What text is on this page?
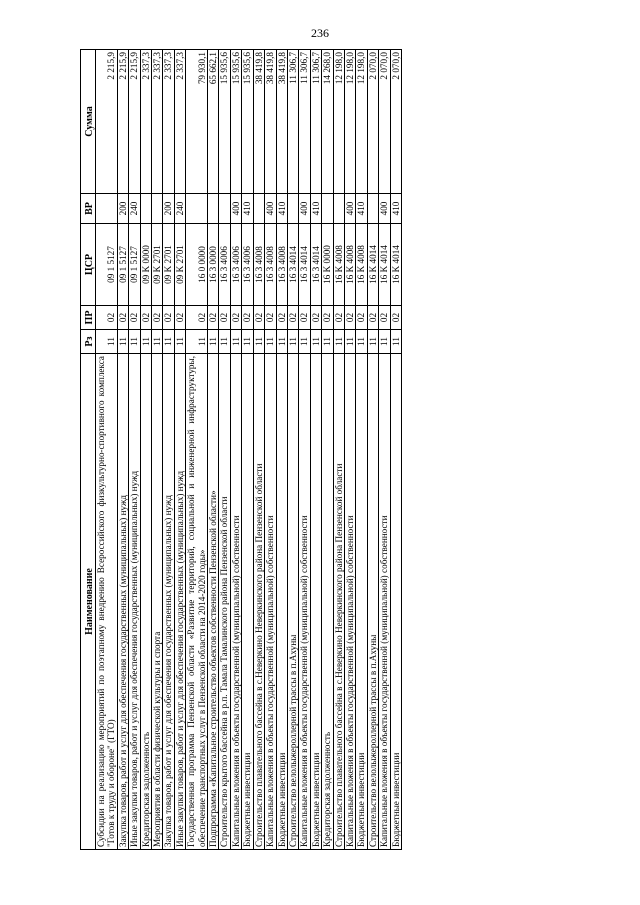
236
Наименование	Рз	ПР	ЦСР	ВР	Сумма
Субсидии на реализацию мероприятий по поэтапному внедрению Всероссийского физкультурно-спортивного комплекса "Готов к труду и обороне" (ГТО)	11	02	09 1 5127		2 215,9
Закупка товаров, работ и услуг для обеспечения государственных (муниципальных) нужд	11	02	09 1 5127	200	2 215,9
Иные закупки товаров, работ и услуг для обеспечения государственных (муниципальных) нужд	11	02	09 1 5127	240	2 215,9
Кредиторская задолженность	11	02	09 K 0000		2 337,3
Мероприятия в области физической культуры и спорта	11	02	09 K 2701		2 337,3
Закупка товаров, работ и услуг для обеспечения государственных (муниципальных) нужд	11	02	09 K 2701	200	2 337,3
Иные закупки товаров, работ и услуг для обеспечения государственных (муниципальных) нужд	11	02	09 K 2701	240	2 337,3
Государственная программа Пензенской области «Развитие территорий, социальной и инженерной инфраструктуры, обеспечение транспортных услуг в Пензенской области на 2014-2020 годы»	11	02	16 0 0000		79 930,1
Подпрограмма «Капитальное строительство объектов собственности Пензенской области»	11	02	16 3 0000		65 662,1
Строительство крытого бассейна в р.п. Тамала Тамалинского района Пензенской области	11	02	16 3 4006		15 935,6
Капитальные вложения в объекты государственной (муниципальной) собственности	11	02	16 3 4006	400	15 935,6
Бюджетные инвестиции	11	02	16 3 4006	410	15 935,6
Строительство плавательного бассейна в с.Неверкино Неверкинского района Пензенской области	11	02	16 3 4008		38 419,8
Капитальные вложения в объекты государственной (муниципальной) собственности	11	02	16 3 4008	400	38 419,8
Бюджетные инвестиции	11	02	16 3 4008	410	38 419,8
Строительство велолыжероллерной трассы в п.Ахуны	11	02	16 3 4014		11 306,7
Капитальные вложения в объекты государственной (муниципальной) собственности	11	02	16 3 4014	400	11 306,7
Бюджетные инвестиции	11	02	16 3 4014	410	11 306,7
Кредиторская задолженность	11	02	16 K 0000		14 268,0
Строительство плавательного бассейна в с.Неверкино Неверкинского района Пензенской области	11	02	16 K 4008		12 198,0
Капитальные вложения в объекты государственной (муниципальной) собственности	11	02	16 K 4008	400	12 198,0
Бюджетные инвестиции	11	02	16 K 4008	410	12 198,0
Строительство велолыжероллерной трассы в п.Ахуны	11	02	16 K 4014		2 070,0
Капитальные вложения в объекты государственной (муниципальной) собственности	11	02	16 K 4014	400	2 070,0
Бюджетные инвестиции	11	02	16 K 4014	410	2 070,0
